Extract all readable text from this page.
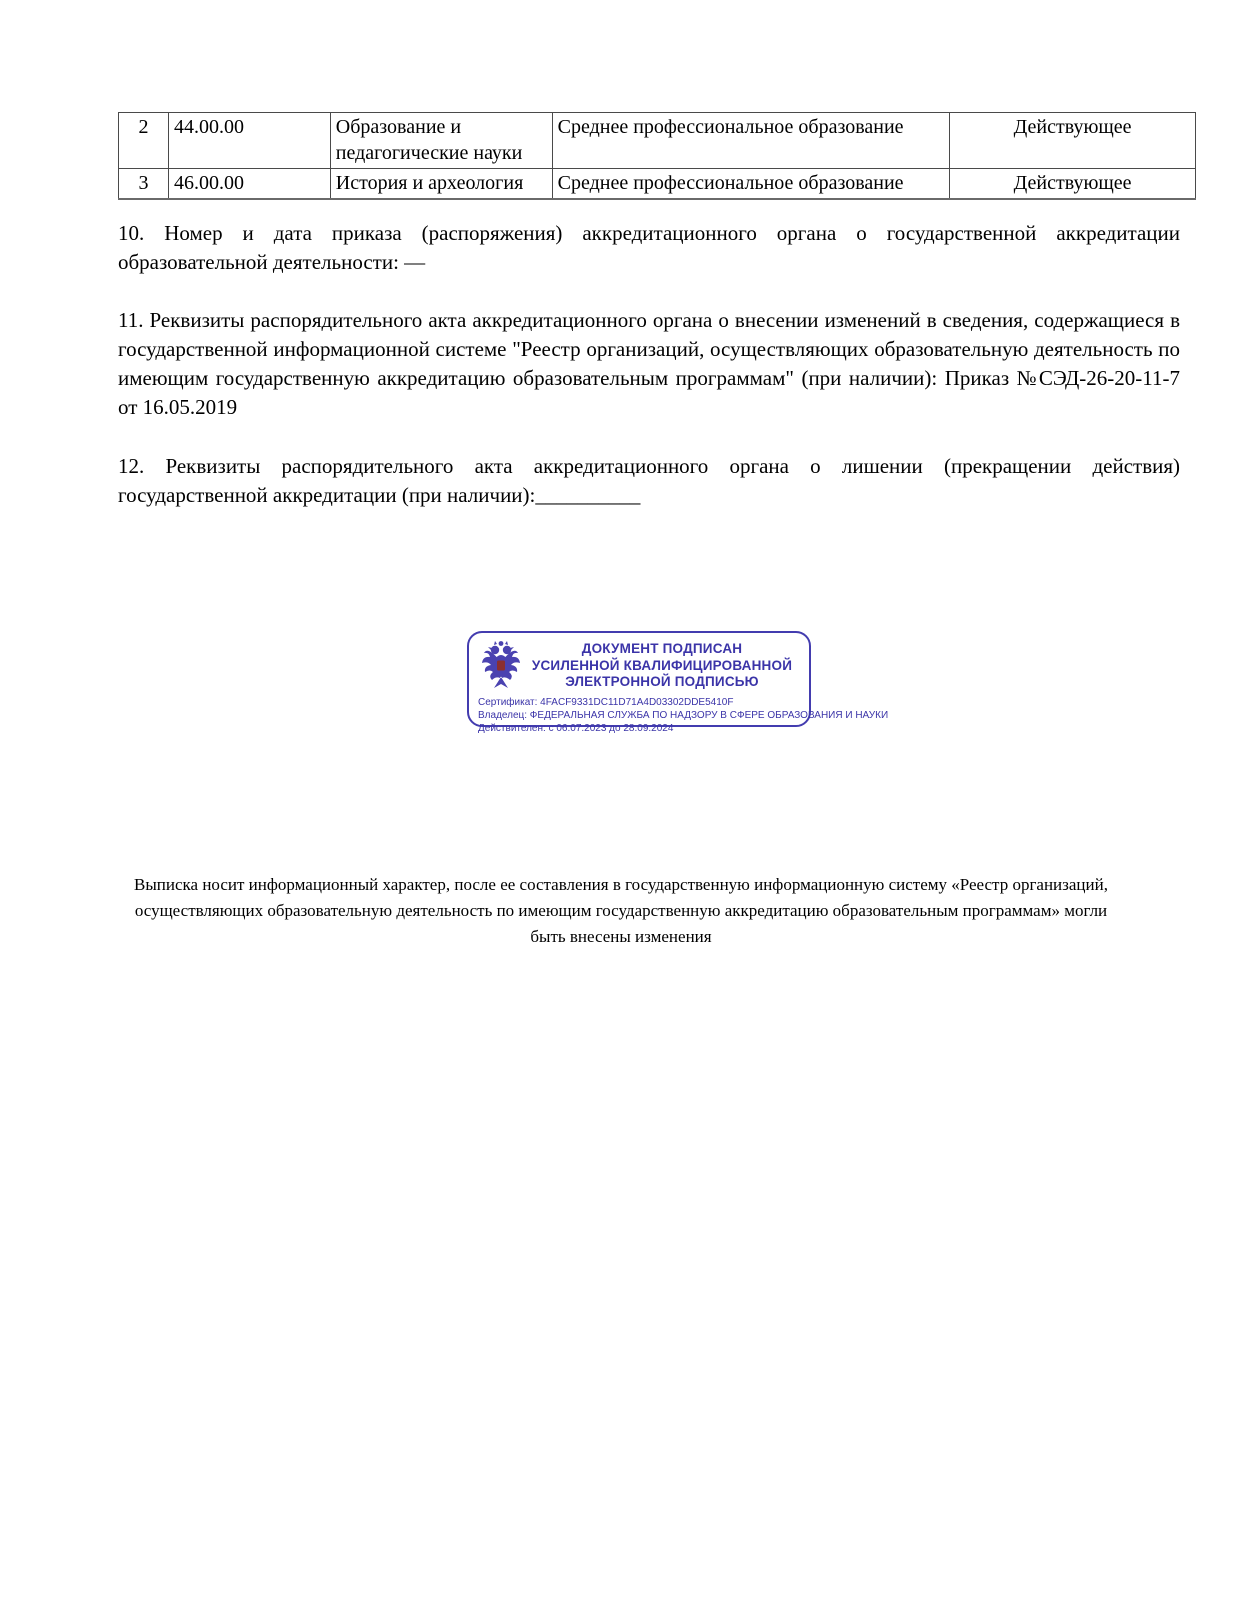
2	44.00.00	Образование и педагогические науки	Среднее профессиональное образование	Действующее
3	46.00.00	История и археология	Среднее профессиональное образование	Действующее

10. Номер и дата приказа (распоряжения) аккредитационного органа о государственной аккредитации образовательной деятельности: —

11. Реквизиты распорядительного акта аккредитационного органа о внесении изменений в сведения, содержащиеся в государственной информационной системе "Реестр организаций, осуществляющих образовательную деятельность по имеющим государственную аккредитацию образовательным программам" (при наличии): Приказ №СЭД-26-20-11-7 от 16.05.2019

12. Реквизиты распорядительного акта аккредитационного органа о лишении (прекращении действия) государственной аккредитации (при наличии):__________

ДОКУМЕНТ ПОДПИСАН
УСИЛЕННОЙ КВАЛИФИЦИРОВАННОЙ
ЭЛЕКТРОННОЙ ПОДПИСЬЮ
Сертификат: 4FACF9331DC11D71A4D03302DDE5410F
Владелец: ФЕДЕРАЛЬНАЯ СЛУЖБА ПО НАДЗОРУ В СФЕРЕ ОБРАЗОВАНИЯ И НАУКИ
Действителен: с 06.07.2023 до 28.09.2024

Выписка носит информационный характер, после ее составления в государственную информационную систему «Реестр организаций, осуществляющих образовательную деятельность по имеющим государственную аккредитацию образовательным программам» могли быть внесены изменения
